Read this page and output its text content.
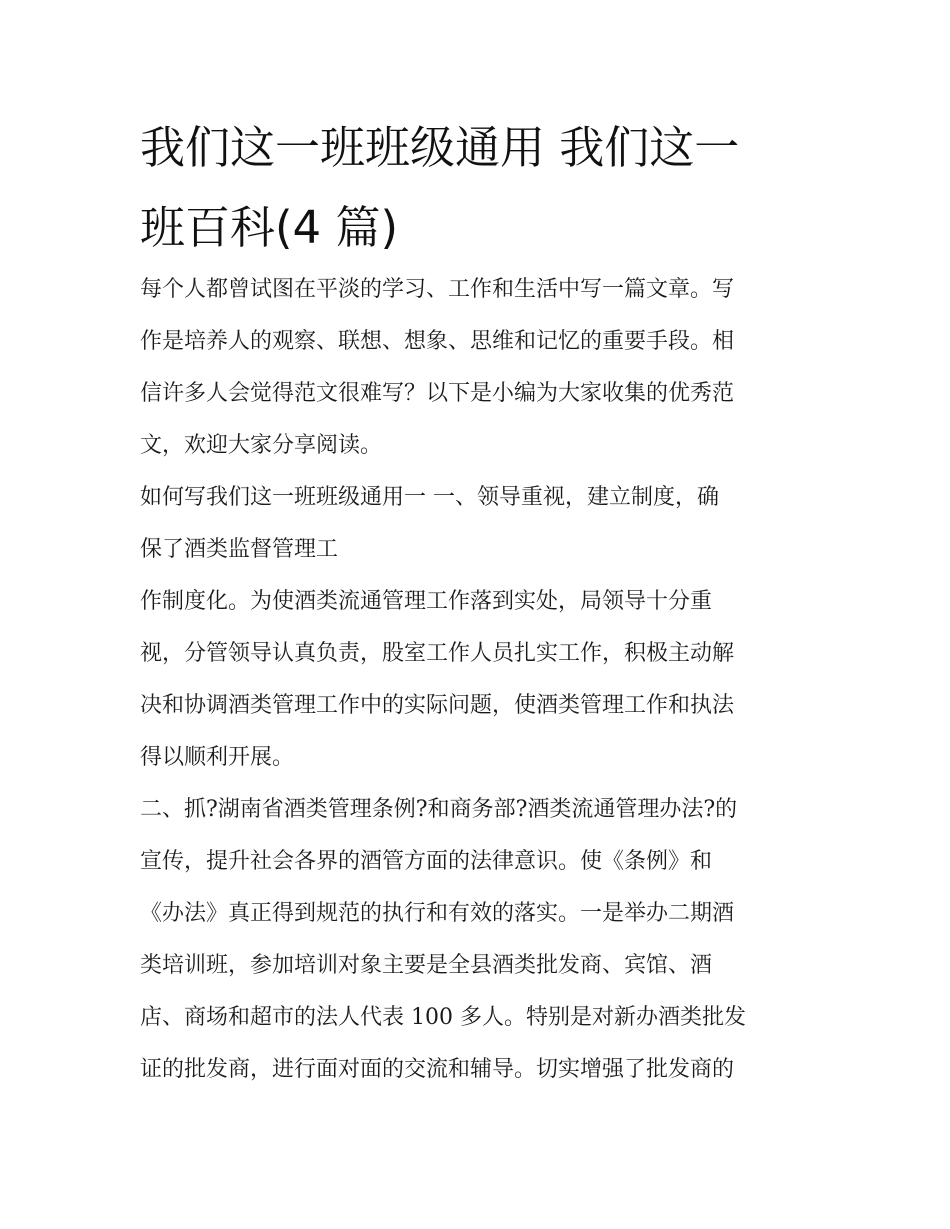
我们这一班班级通用 我们这一
班百科(4 篇)
每个人都曾试图在平淡的学习、工作和生活中写一篇文章。写
作是培养人的观察、联想、想象、思维和记忆的重要手段。相
信许多人会觉得范文很难写？以下是小编为大家收集的优秀范
文，欢迎大家分享阅读。
如何写我们这一班班级通用一 一、领导重视，建立制度，确
保了酒类监督管理工
作制度化。为使酒类流通管理工作落到实处，局领导十分重
视，分管领导认真负责，股室工作人员扎实工作，积极主动解
决和协调酒类管理工作中的实际问题，使酒类管理工作和执法
得以顺利开展。
二、抓?湖南省酒类管理条例?和商务部?酒类流通管理办法?的
宣传，提升社会各界的酒管方面的法律意识。使《条例》和
《办法》真正得到规范的执行和有效的落实。一是举办二期酒
类培训班，参加培训对象主要是全县酒类批发商、宾馆、酒
店、商场和超市的法人代表 100 多人。特别是对新办酒类批发
证的批发商，进行面对面的交流和辅导。切实增强了批发商的
